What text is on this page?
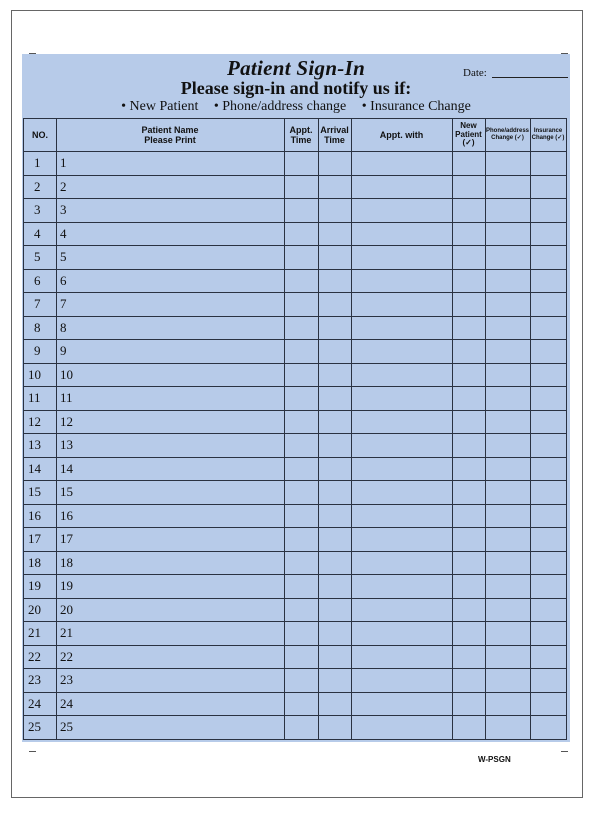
Patient Sign-In	Date:
Please sign-in and notify us if:
• New Patient • Phone/address change • Insurance Change
NO.
Patient Name
Please Print
Appt.
Time
Arrival
Time
Appt. with
New
Patient
(✓)
Phone/address
Change (✓)
Insurance
Change (✓)
1 1
2 2
3 3
4 4
5 5
6 6
7 7
8 8
9 9
10 10
11 11
12 12
13 13
14 14
15 15
16 16
17 17
18 18
19 19
20 20
21 21
22 22
23 23
24 24
25 25
W-PSGN
